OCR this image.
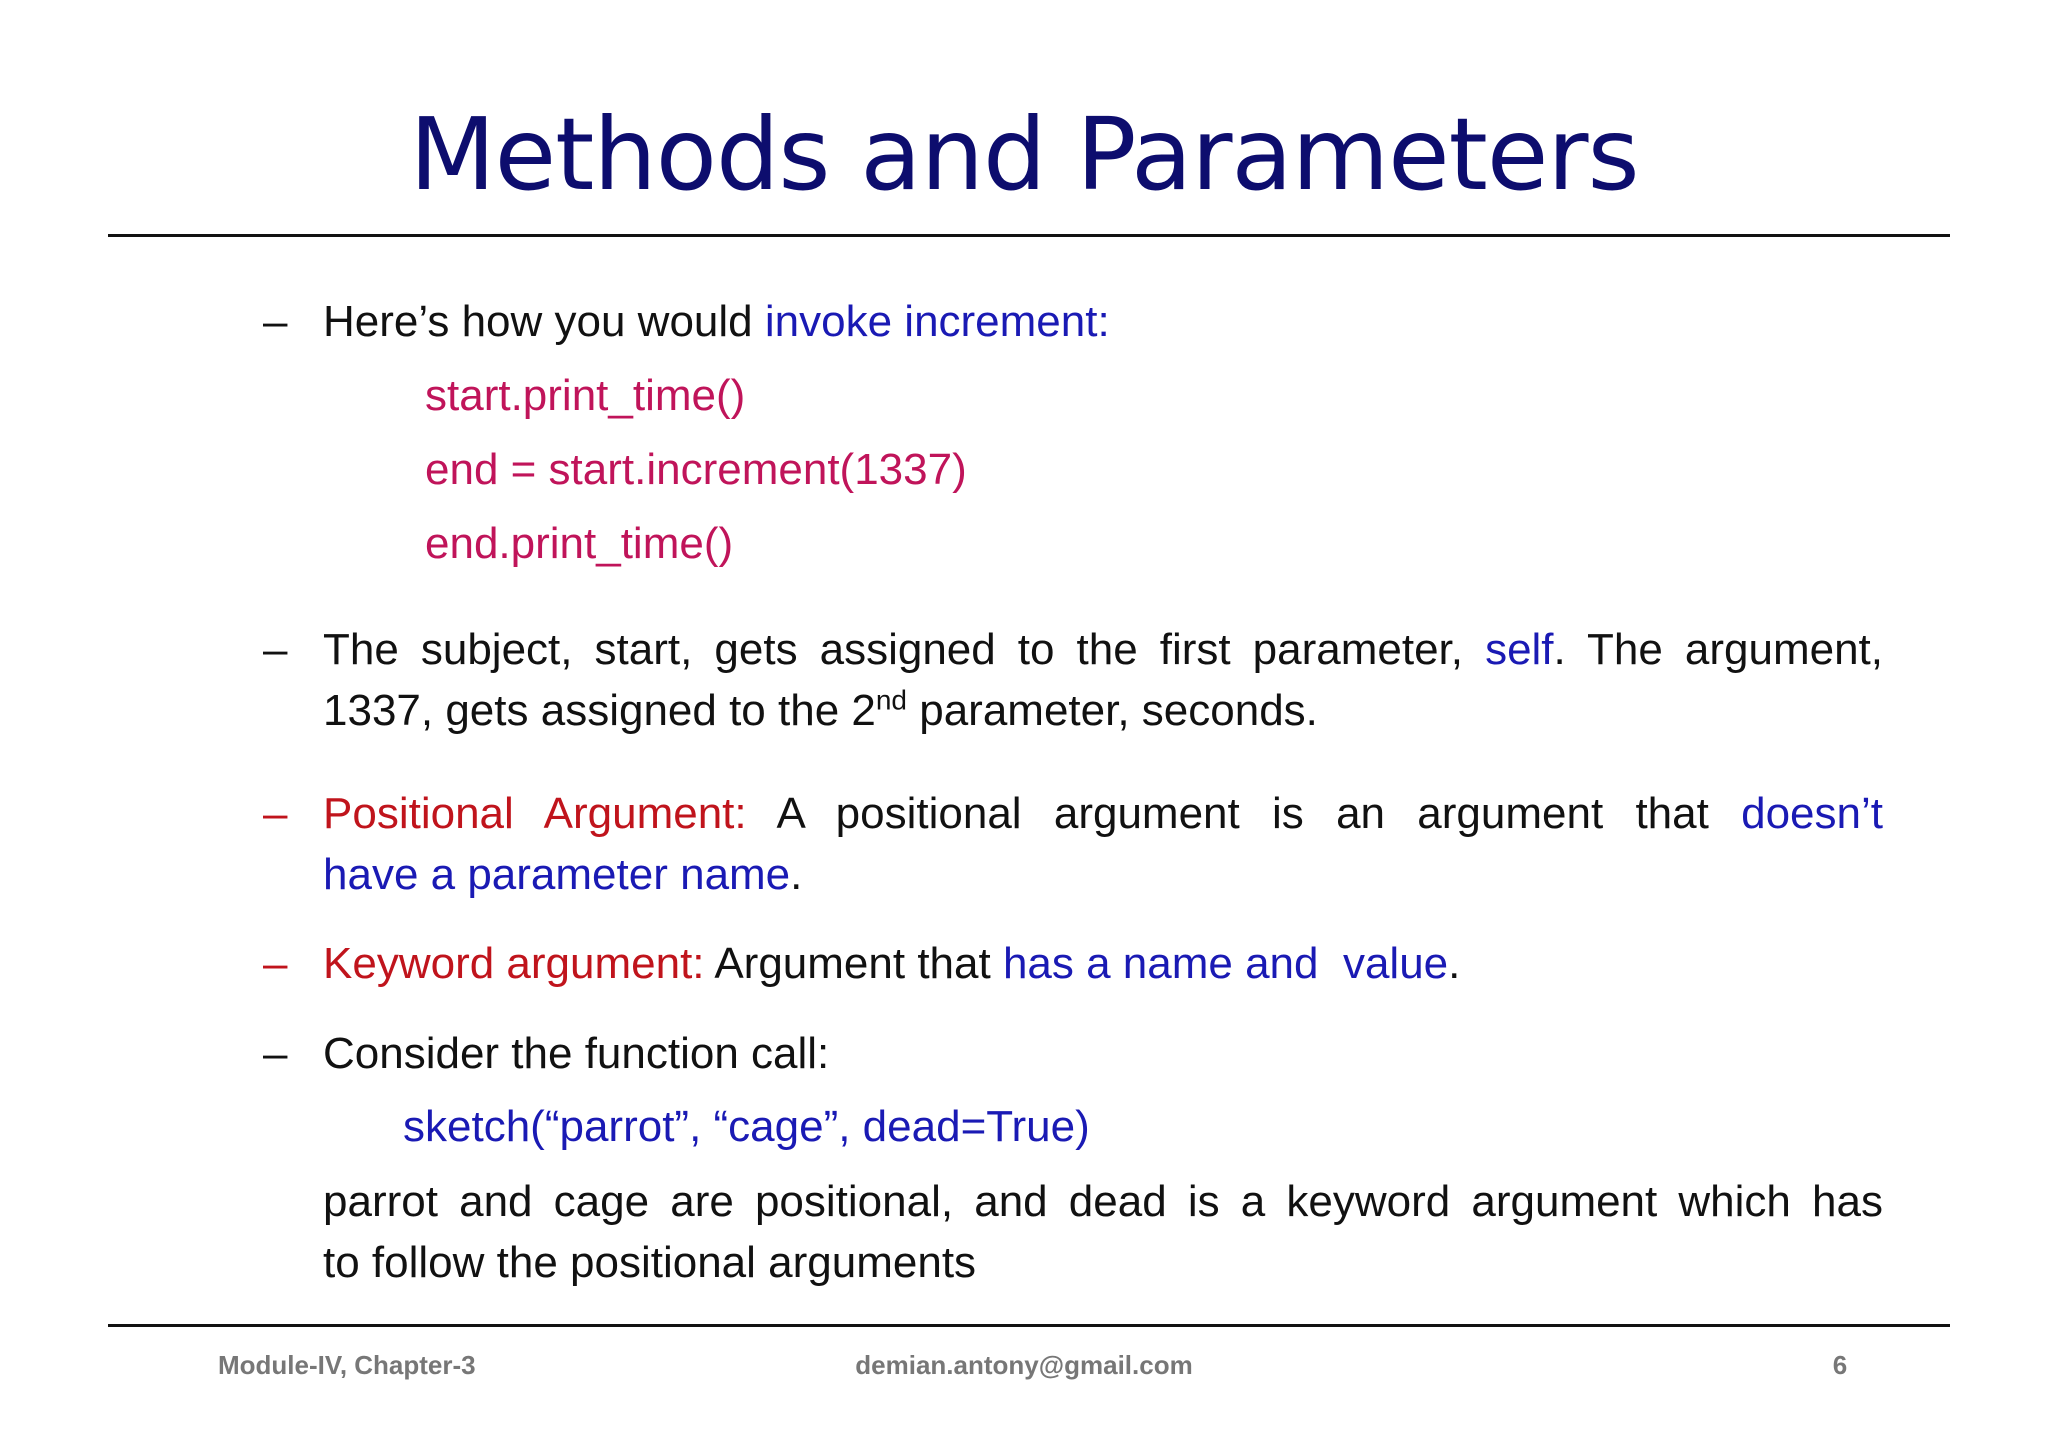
Methods and Parameters
– Here’s how you would invoke increment:
start.print_time()
end = start.increment(1337)
end.print_time()
– The subject, start, gets assigned to the first parameter, self. The argument,
1337, gets assigned to the 2nd parameter, seconds.
– Positional Argument: A positional argument is an argument that doesn’t
have a parameter name.
– Keyword argument: Argument that has a name and  value.
– Consider the function call:
sketch(“parrot”, “cage”, dead=True)
parrot and cage are positional, and dead is a keyword argument which has
to follow the positional arguments
Module-IV, Chapter-3	demian.antony@gmail.com	6
